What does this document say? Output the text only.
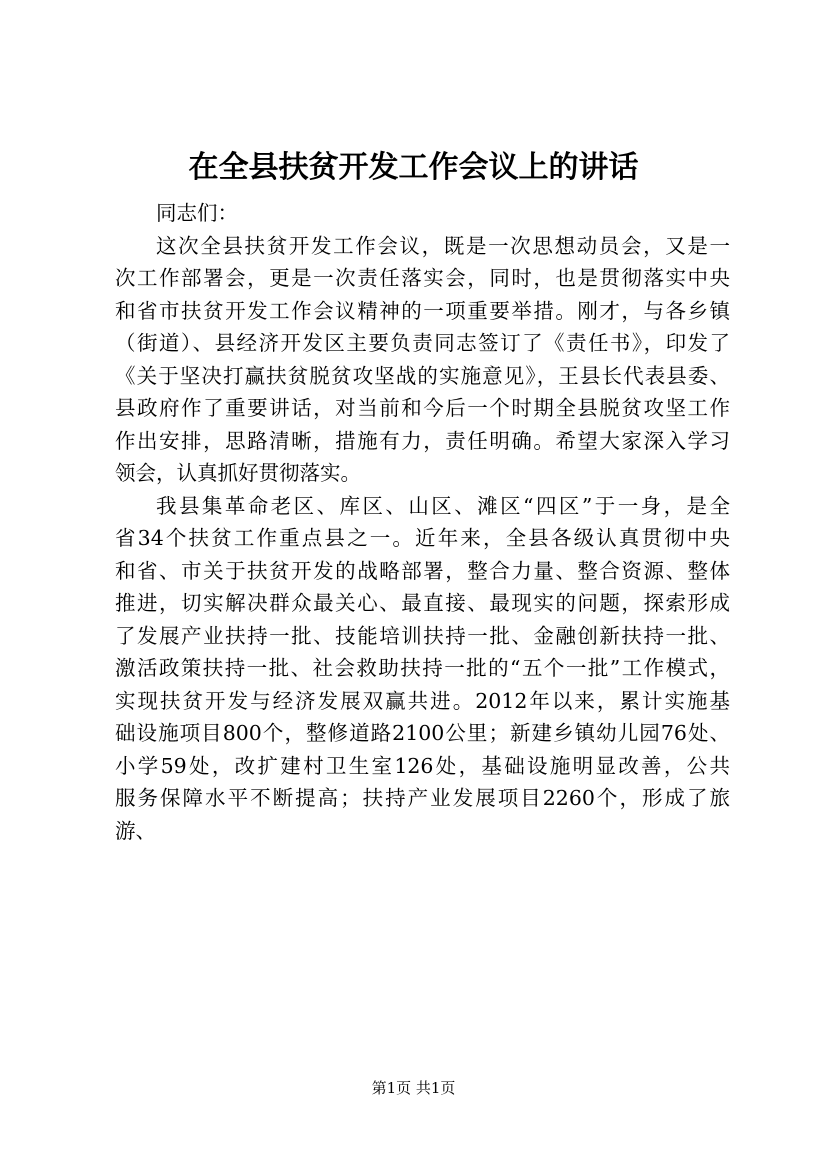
在全县扶贫开发工作会议上的讲话
同志们：
这次全县扶贫开发工作会议，既是一次思想动员会，又是一
次工作部署会，更是一次责任落实会，同时，也是贯彻落实中央
和省市扶贫开发工作会议精神的一项重要举措。刚才，与各乡镇
（街道）、县经济开发区主要负责同志签订了《责任书》，印发了
《关于坚决打赢扶贫脱贫攻坚战的实施意见》，王县长代表县委、
县政府作了重要讲话，对当前和今后一个时期全县脱贫攻坚工作
作出安排，思路清晰，措施有力，责任明确。希望大家深入学习
领会，认真抓好贯彻落实。
我县集革命老区、库区、山区、滩区“四区”于一身，是全
省34个扶贫工作重点县之一。近年来，全县各级认真贯彻中央
和省、市关于扶贫开发的战略部署，整合力量、整合资源、整体
推进，切实解决群众最关心、最直接、最现实的问题，探索形成
了发展产业扶持一批、技能培训扶持一批、金融创新扶持一批、
激活政策扶持一批、社会救助扶持一批的“五个一批”工作模式，
实现扶贫开发与经济发展双赢共进。2012年以来，累计实施基
础设施项目800个，整修道路2100公里；新建乡镇幼儿园76处、
小学59处，改扩建村卫生室126处，基础设施明显改善，公共
服务保障水平不断提高；扶持产业发展项目2260个，形成了旅
游、
第1页 共1页
